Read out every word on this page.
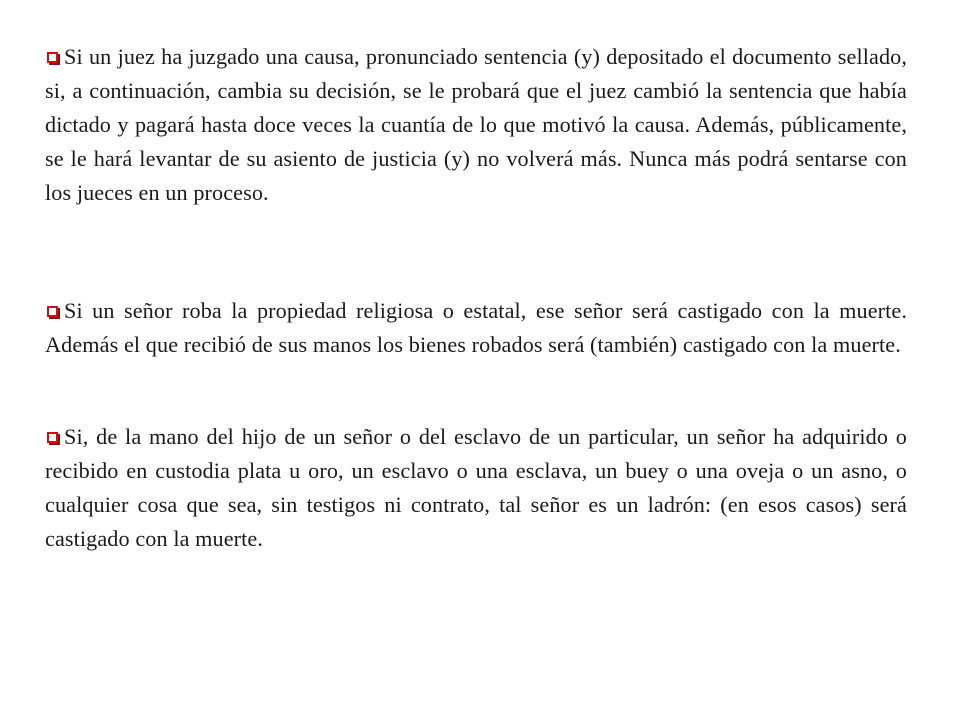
Si un juez ha juzgado una causa, pronunciado sentencia (y) depositado el documento sellado, si, a continuación, cambia su decisión, se le probará que el juez cambió la sentencia que había dictado y pagará hasta doce veces la cuantía de lo que motivó la causa. Además, públicamente, se le hará levantar de su asiento de justicia (y) no volverá más. Nunca más podrá sentarse con los jueces en un proceso.

Si un señor roba la propiedad religiosa o estatal, ese señor será castigado con la muerte. Además el que recibió de sus manos los bienes robados será (también) castigado con la muerte.

Si, de la mano del hijo de un señor o del esclavo de un particular, un señor ha adquirido o recibido en custodia plata u oro, un esclavo o una esclava, un buey o una oveja o un asno, o cualquier cosa que sea, sin testigos ni contrato, tal señor es un ladrón: (en esos casos) será castigado con la muerte.
